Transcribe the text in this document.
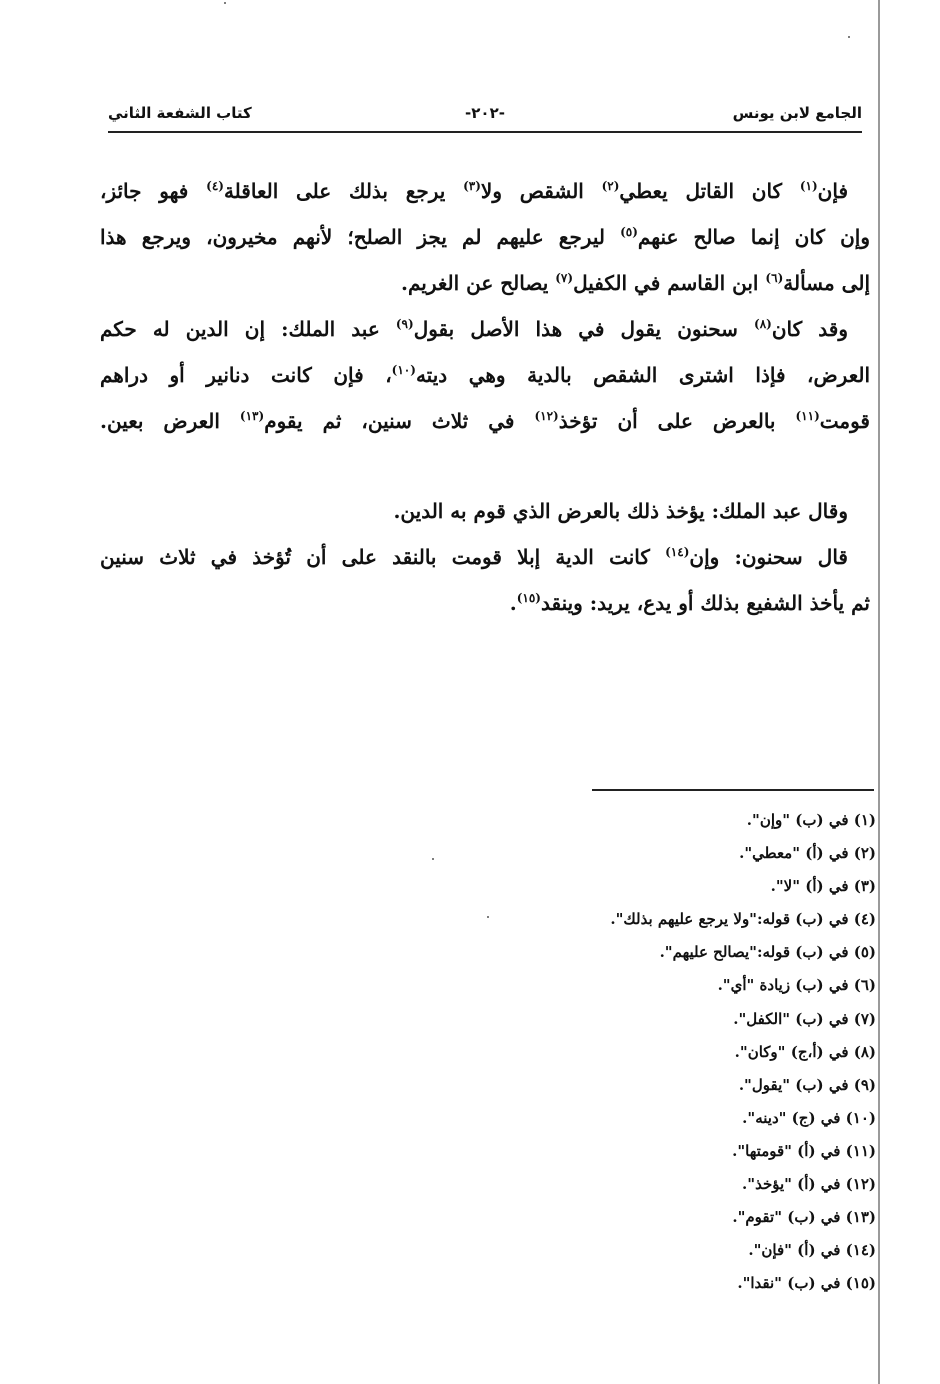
الجامع لابن يونس
-٢٠٢-
كتاب الشفعة الثاني
فإن$^{(١)}$ كان القاتل يعطي$^{(٢)}$ الشقص ولا$^{(٣)}$ يرجع بذلك على العاقلة$^{(٤)}$ فهو جائز،
وإن كان إنما صالح عنهم$^{(٥)}$ ليرجع عليهم لم يجز الصلح؛ لأنهم مخيرون، ويرجع هذا
إلى مسألة$^{(٦)}$ ابن القاسم في الكفيل$^{(٧)}$ يصالح عن الغريم.
وقد كان$^{(٨)}$ سحنون يقول في هذا الأصل بقول$^{(٩)}$ عبد الملك: إن الدين له حكم
العرض، فإذا اشترى الشقص بالدية وهي ديته$^{(١٠)}$، فإن كانت دنانير أو دراهم
قومت$^{(١١)}$ بالعرض على أن تؤخذ$^{(١٢)}$ في ثلاث سنين، ثم يقوم$^{(١٣)}$ العرض بعين.
وقال عبد الملك: يؤخذ ذلك بالعرض الذي قوم به الدين.
قال سحنون: وإن$^{(١٤)}$ كانت الدية إبلا قومت بالنقد على أن تُؤخذ في ثلاث سنين
ثم يأخذ الشفيع بذلك أو يدع، يريد: وينقد$^{(١٥)}$.
(١) في (ب) "وإن".
(٢) في (أ) "معطي".
(٣) في (أ) "لا".
(٤) في (ب) قوله:"ولا يرجع عليهم بذلك".
(٥) في (ب) قوله:"يصالح عليهم".
(٦) في (ب) زيادة "أي".
(٧) في (ب) "الكفل".
(٨) في (أ،ج) "وكان".
(٩) في (ب) "يقول".
(١٠) في (ج) "دينه".
(١١) في (أ) "قومتها".
(١٢) في (أ) "يؤخذ".
(١٣) في (ب) "تقوم".
(١٤) في (أ) "فإن".
(١٥) في (ب) "نقدا".
